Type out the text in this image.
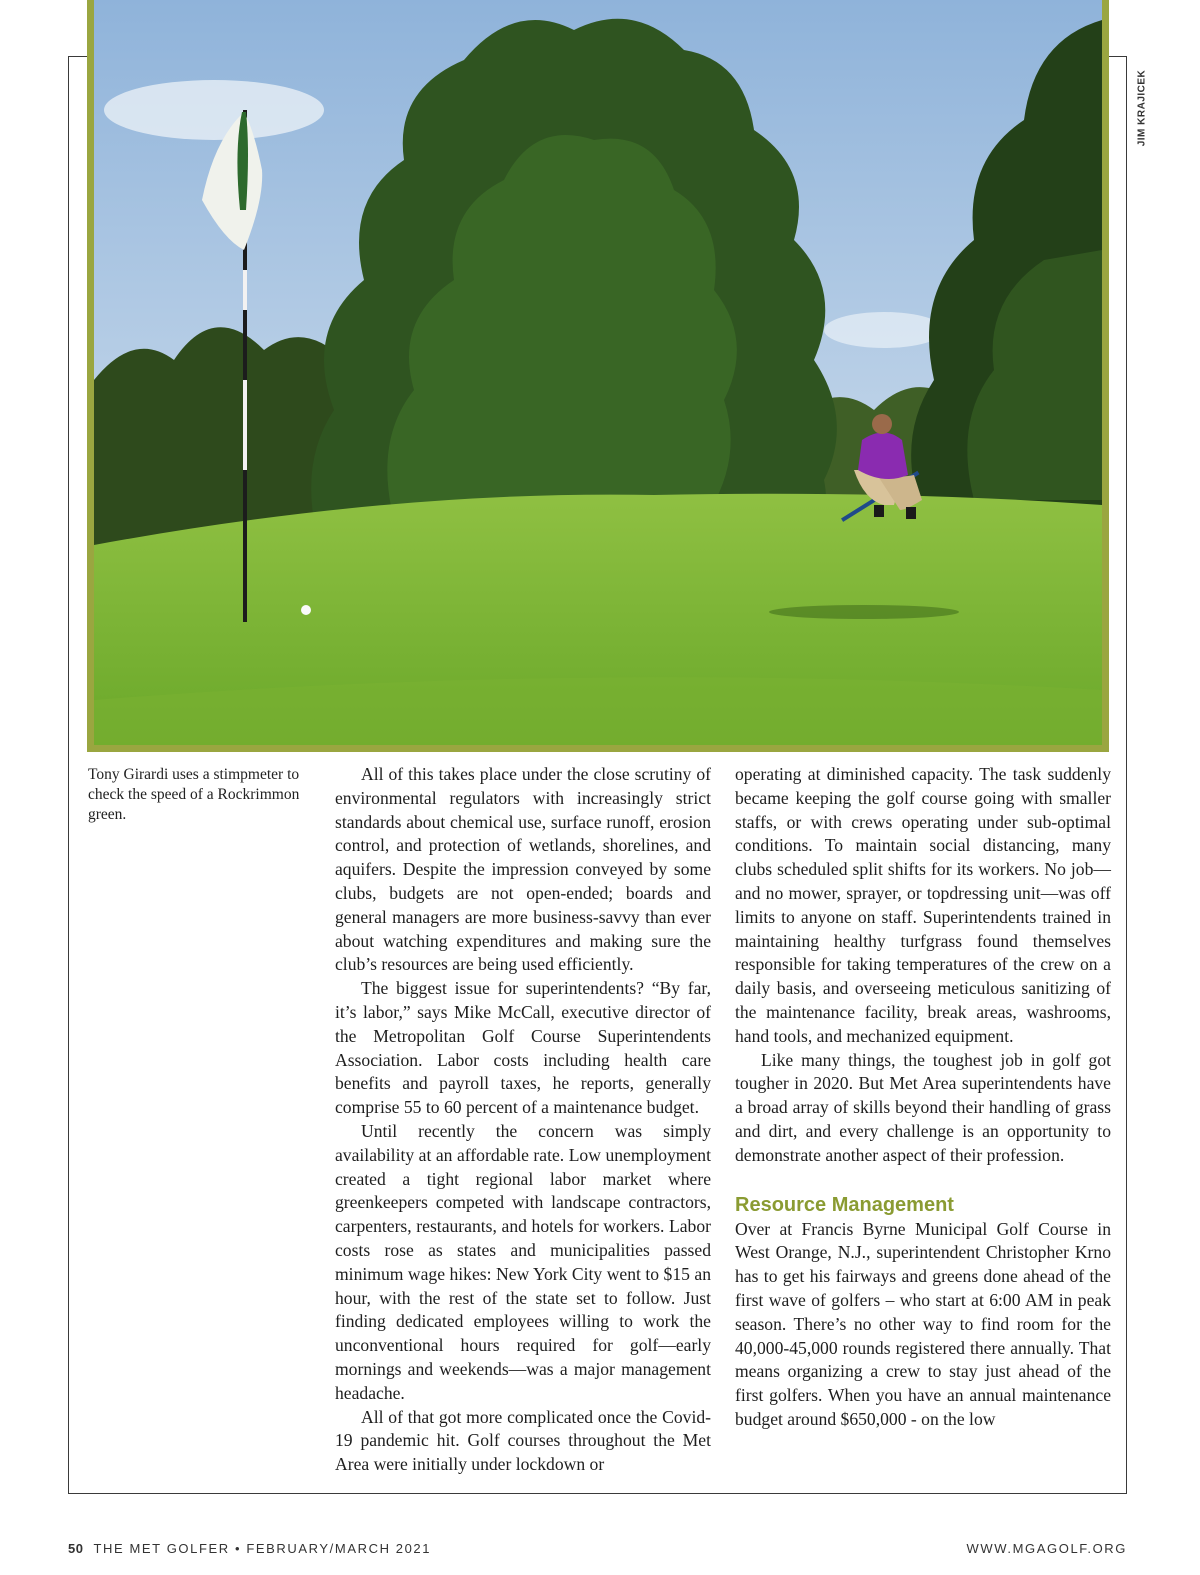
JIM KRAJICEK
Tony Girardi uses a stimpmeter to check the speed of a Rockrimmon green.

All of this takes place under the close scrutiny of environmental regulators with increasingly strict standards about chemical use, surface runoff, erosion control, and protection of wetlands, shorelines, and aquifers. Despite the impression conveyed by some clubs, budgets are not open-ended; boards and general managers are more business-savvy than ever about watching expenditures and making sure the club’s resources are being used efficiently.

The biggest issue for superintendents? “By far, it’s labor,” says Mike McCall, executive director of the Metropolitan Golf Course Superintendents Association. Labor costs including health care benefits and payroll taxes, he reports, generally comprise 55 to 60 percent of a maintenance budget.

Until recently the concern was simply availability at an affordable rate. Low unemployment created a tight regional labor market where greenkeepers competed with landscape contractors, carpenters, restaurants, and hotels for workers. Labor costs rose as states and municipalities passed minimum wage hikes: New York City went to $15 an hour, with the rest of the state set to follow. Just finding dedicated employees willing to work the unconventional hours required for golf—early mornings and weekends—was a major management headache.

All of that got more complicated once the Covid-19 pandemic hit. Golf courses throughout the Met Area were initially under lockdown or

operating at diminished capacity. The task suddenly became keeping the golf course going with smaller staffs, or with crews operating under sub-optimal conditions. To maintain social distancing, many clubs scheduled split shifts for its workers. No job—and no mower, sprayer, or topdressing unit—was off limits to anyone on staff. Superintendents trained in maintaining healthy turfgrass found themselves responsible for taking temperatures of the crew on a daily basis, and overseeing meticulous sanitizing of the maintenance facility, break areas, washrooms, hand tools, and mechanized equipment.

Like many things, the toughest job in golf got tougher in 2020. But Met Area superintendents have a broad array of skills beyond their handling of grass and dirt, and every challenge is an opportunity to demonstrate another aspect of their profession.

Resource Management

Over at Francis Byrne Municipal Golf Course in West Orange, N.J., superintendent Christopher Krno has to get his fairways and greens done ahead of the first wave of golfers – who start at 6:00 AM in peak season. There’s no other way to find room for the 40,000-45,000 rounds registered there annually. That means organizing a crew to stay just ahead of the first golfers. When you have an annual maintenance budget around $650,000 - on the low

50 THE MET GOLFER • FEBRUARY/MARCH 2021	WWW.MGAGOLF.ORG
